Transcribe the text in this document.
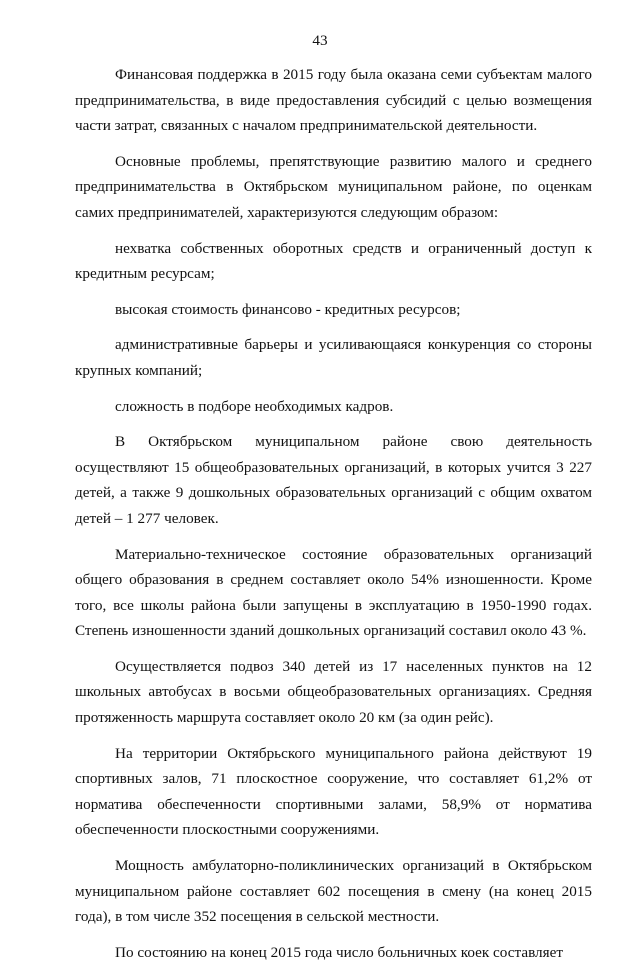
43

Финансовая поддержка в 2015 году была оказана семи субъектам малого предпринимательства, в виде предоставления субсидий с целью возмещения части затрат, связанных с началом предпринимательской деятельности.

Основные проблемы, препятствующие развитию малого и среднего предпринимательства в Октябрьском муниципальном районе, по оценкам самих предпринимателей, характеризуются следующим образом:

нехватка собственных оборотных средств и ограниченный доступ к кредитным ресурсам;

высокая стоимость финансово - кредитных ресурсов;

административные барьеры и усиливающаяся конкуренция со стороны крупных компаний;

сложность в подборе необходимых кадров.

В Октябрьском муниципальном районе свою деятельность осуществляют 15 общеобразовательных организаций, в которых учится 3 227 детей, а также 9 дошкольных образовательных организаций с общим охватом детей – 1 277 человек.

Материально-техническое состояние образовательных организаций общего образования в среднем составляет около 54% изношенности. Кроме того, все школы района были запущены в эксплуатацию в 1950-1990 годах. Степень изношенности зданий дошкольных организаций составил около 43 %.

Осуществляется подвоз 340 детей из 17 населенных пунктов на 12 школьных автобусах в восьми общеобразовательных организациях. Средняя протяженность маршрута составляет около 20 км (за один рейс).

На территории Октябрьского муниципального района действуют 19 спортивных залов, 71 плоскостное сооружение, что составляет 61,2% от норматива обеспеченности спортивными залами, 58,9% от норматива обеспеченности плоскостными сооружениями.

Мощность амбулаторно-поликлинических организаций в Октябрьском муниципальном районе составляет 602 посещения в смену (на конец 2015 года), в том числе 352 посещения в сельской местности.

По состоянию на конец 2015 года число больничных коек составляет
